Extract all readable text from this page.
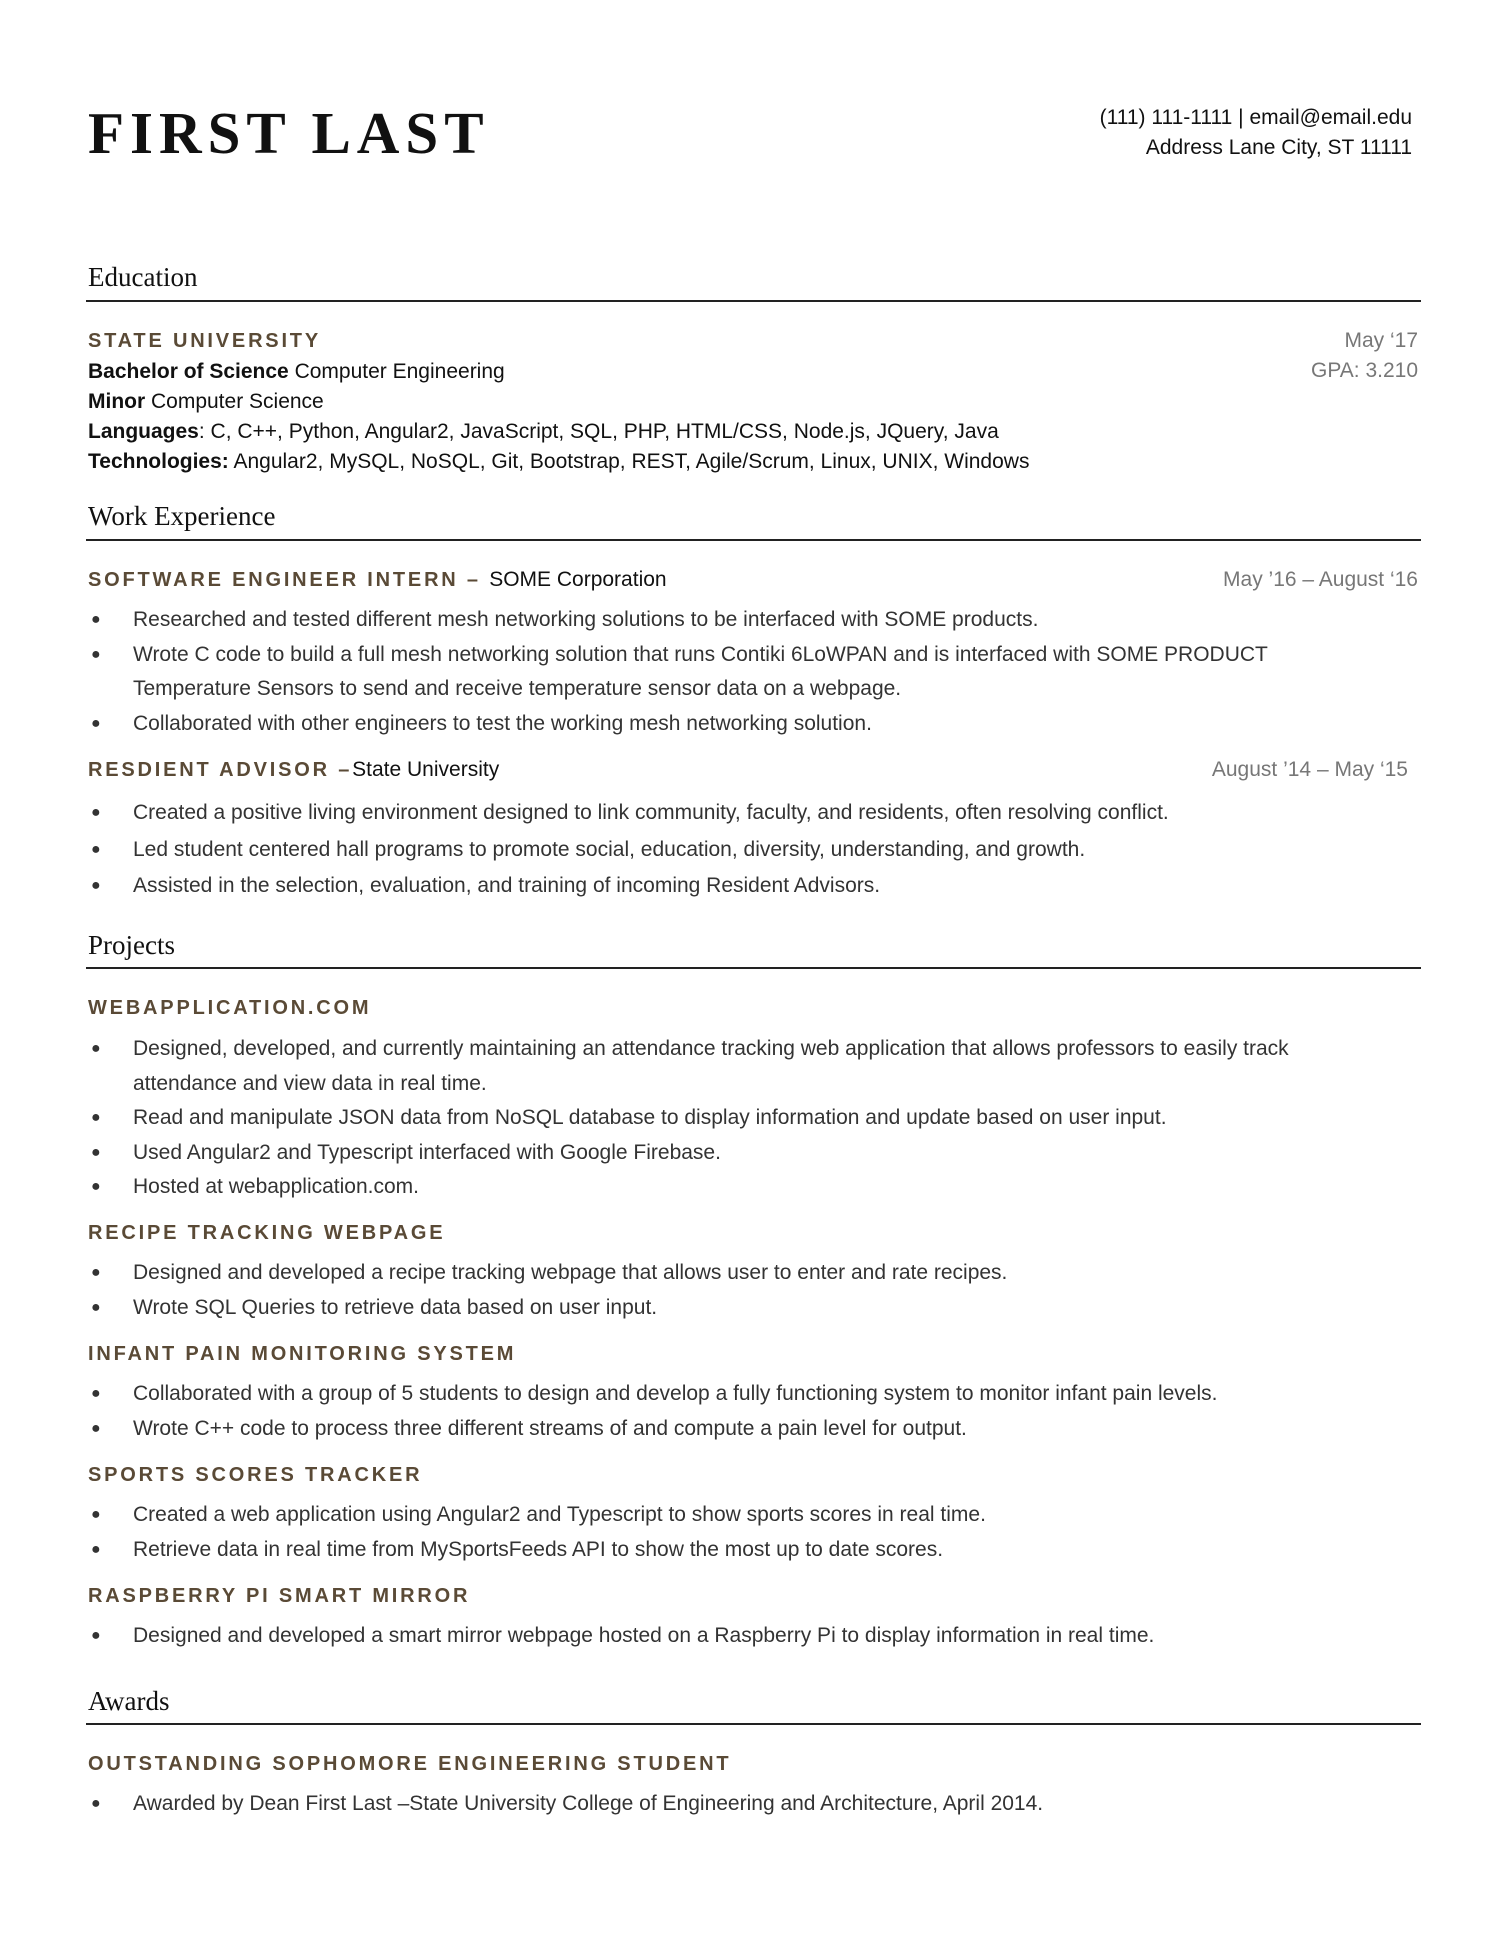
FIRST LAST	(111) 111-1111 | email@email.edu
Address Lane City, ST 11111
Education
STATE UNIVERSITY	May ‘17
GPA: 3.210
Bachelor of Science Computer Engineering
Minor Computer Science
Languages: C, C++, Python, Angular2, JavaScript, SQL, PHP, HTML/CSS, Node.js, JQuery, Java
Technologies: Angular2, MySQL, NoSQL, Git, Bootstrap, REST, Agile/Scrum, Linux, UNIX, Windows
Work Experience
SOFTWARE ENGINEER INTERN – SOME Corporation	May ’16 – August ‘16
● Researched and tested different mesh networking solutions to be interfaced with SOME products.
● Wrote C code to build a full mesh networking solution that runs Contiki 6LoWPAN and is interfaced with SOME PRODUCT Temperature Sensors to send and receive temperature sensor data on a webpage.
● Collaborated with other engineers to test the working mesh networking solution.
RESDIENT ADVISOR –State University	August ’14 – May ‘15
● Created a positive living environment designed to link community, faculty, and residents, often resolving conflict.
● Led student centered hall programs to promote social, education, diversity, understanding, and growth.
● Assisted in the selection, evaluation, and training of incoming Resident Advisors.
Projects
WEBAPPLICATION.COM
● Designed, developed, and currently maintaining an attendance tracking web application that allows professors to easily track attendance and view data in real time.
● Read and manipulate JSON data from NoSQL database to display information and update based on user input.
● Used Angular2 and Typescript interfaced with Google Firebase.
● Hosted at webapplication.com.
RECIPE TRACKING WEBPAGE
● Designed and developed a recipe tracking webpage that allows user to enter and rate recipes.
● Wrote SQL Queries to retrieve data based on user input.
INFANT PAIN MONITORING SYSTEM
● Collaborated with a group of 5 students to design and develop a fully functioning system to monitor infant pain levels.
● Wrote C++ code to process three different streams of and compute a pain level for output.
SPORTS SCORES TRACKER
● Created a web application using Angular2 and Typescript to show sports scores in real time.
● Retrieve data in real time from MySportsFeeds API to show the most up to date scores.
RASPBERRY PI SMART MIRROR
● Designed and developed a smart mirror webpage hosted on a Raspberry Pi to display information in real time.
Awards
OUTSTANDING SOPHOMORE ENGINEERING STUDENT
● Awarded by Dean First Last –State University College of Engineering and Architecture, April 2014.
